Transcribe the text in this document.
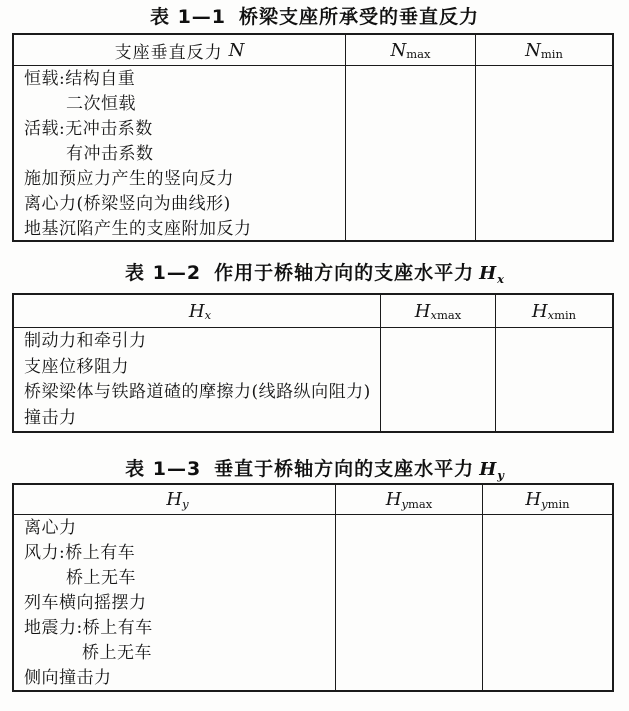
表 1—1 桥梁支座所承受的垂直反力
支座垂直反力 N	N max	N min
恒载:结构自重
二次恒载
活载:无冲击系数
有冲击系数
施加预应力产生的竖向反力
离心力(桥梁竖向为曲线形)
地基沉陷产生的支座附加反力
表 1—2 作用于桥轴方向的支座水平力 $H_x$
H x	H x max	H x min
制动力和牵引力
支座位移阻力
桥梁梁体与铁路道碴的摩擦力(线路纵向阻力)
撞击力
表 1—3 垂直于桥轴方向的支座水平力 $H_y$
H y	H y max	H y min
离心力
风力:桥上有车
桥上无车
列车横向摇摆力
地震力:桥上有车
桥上无车
侧向撞击力
